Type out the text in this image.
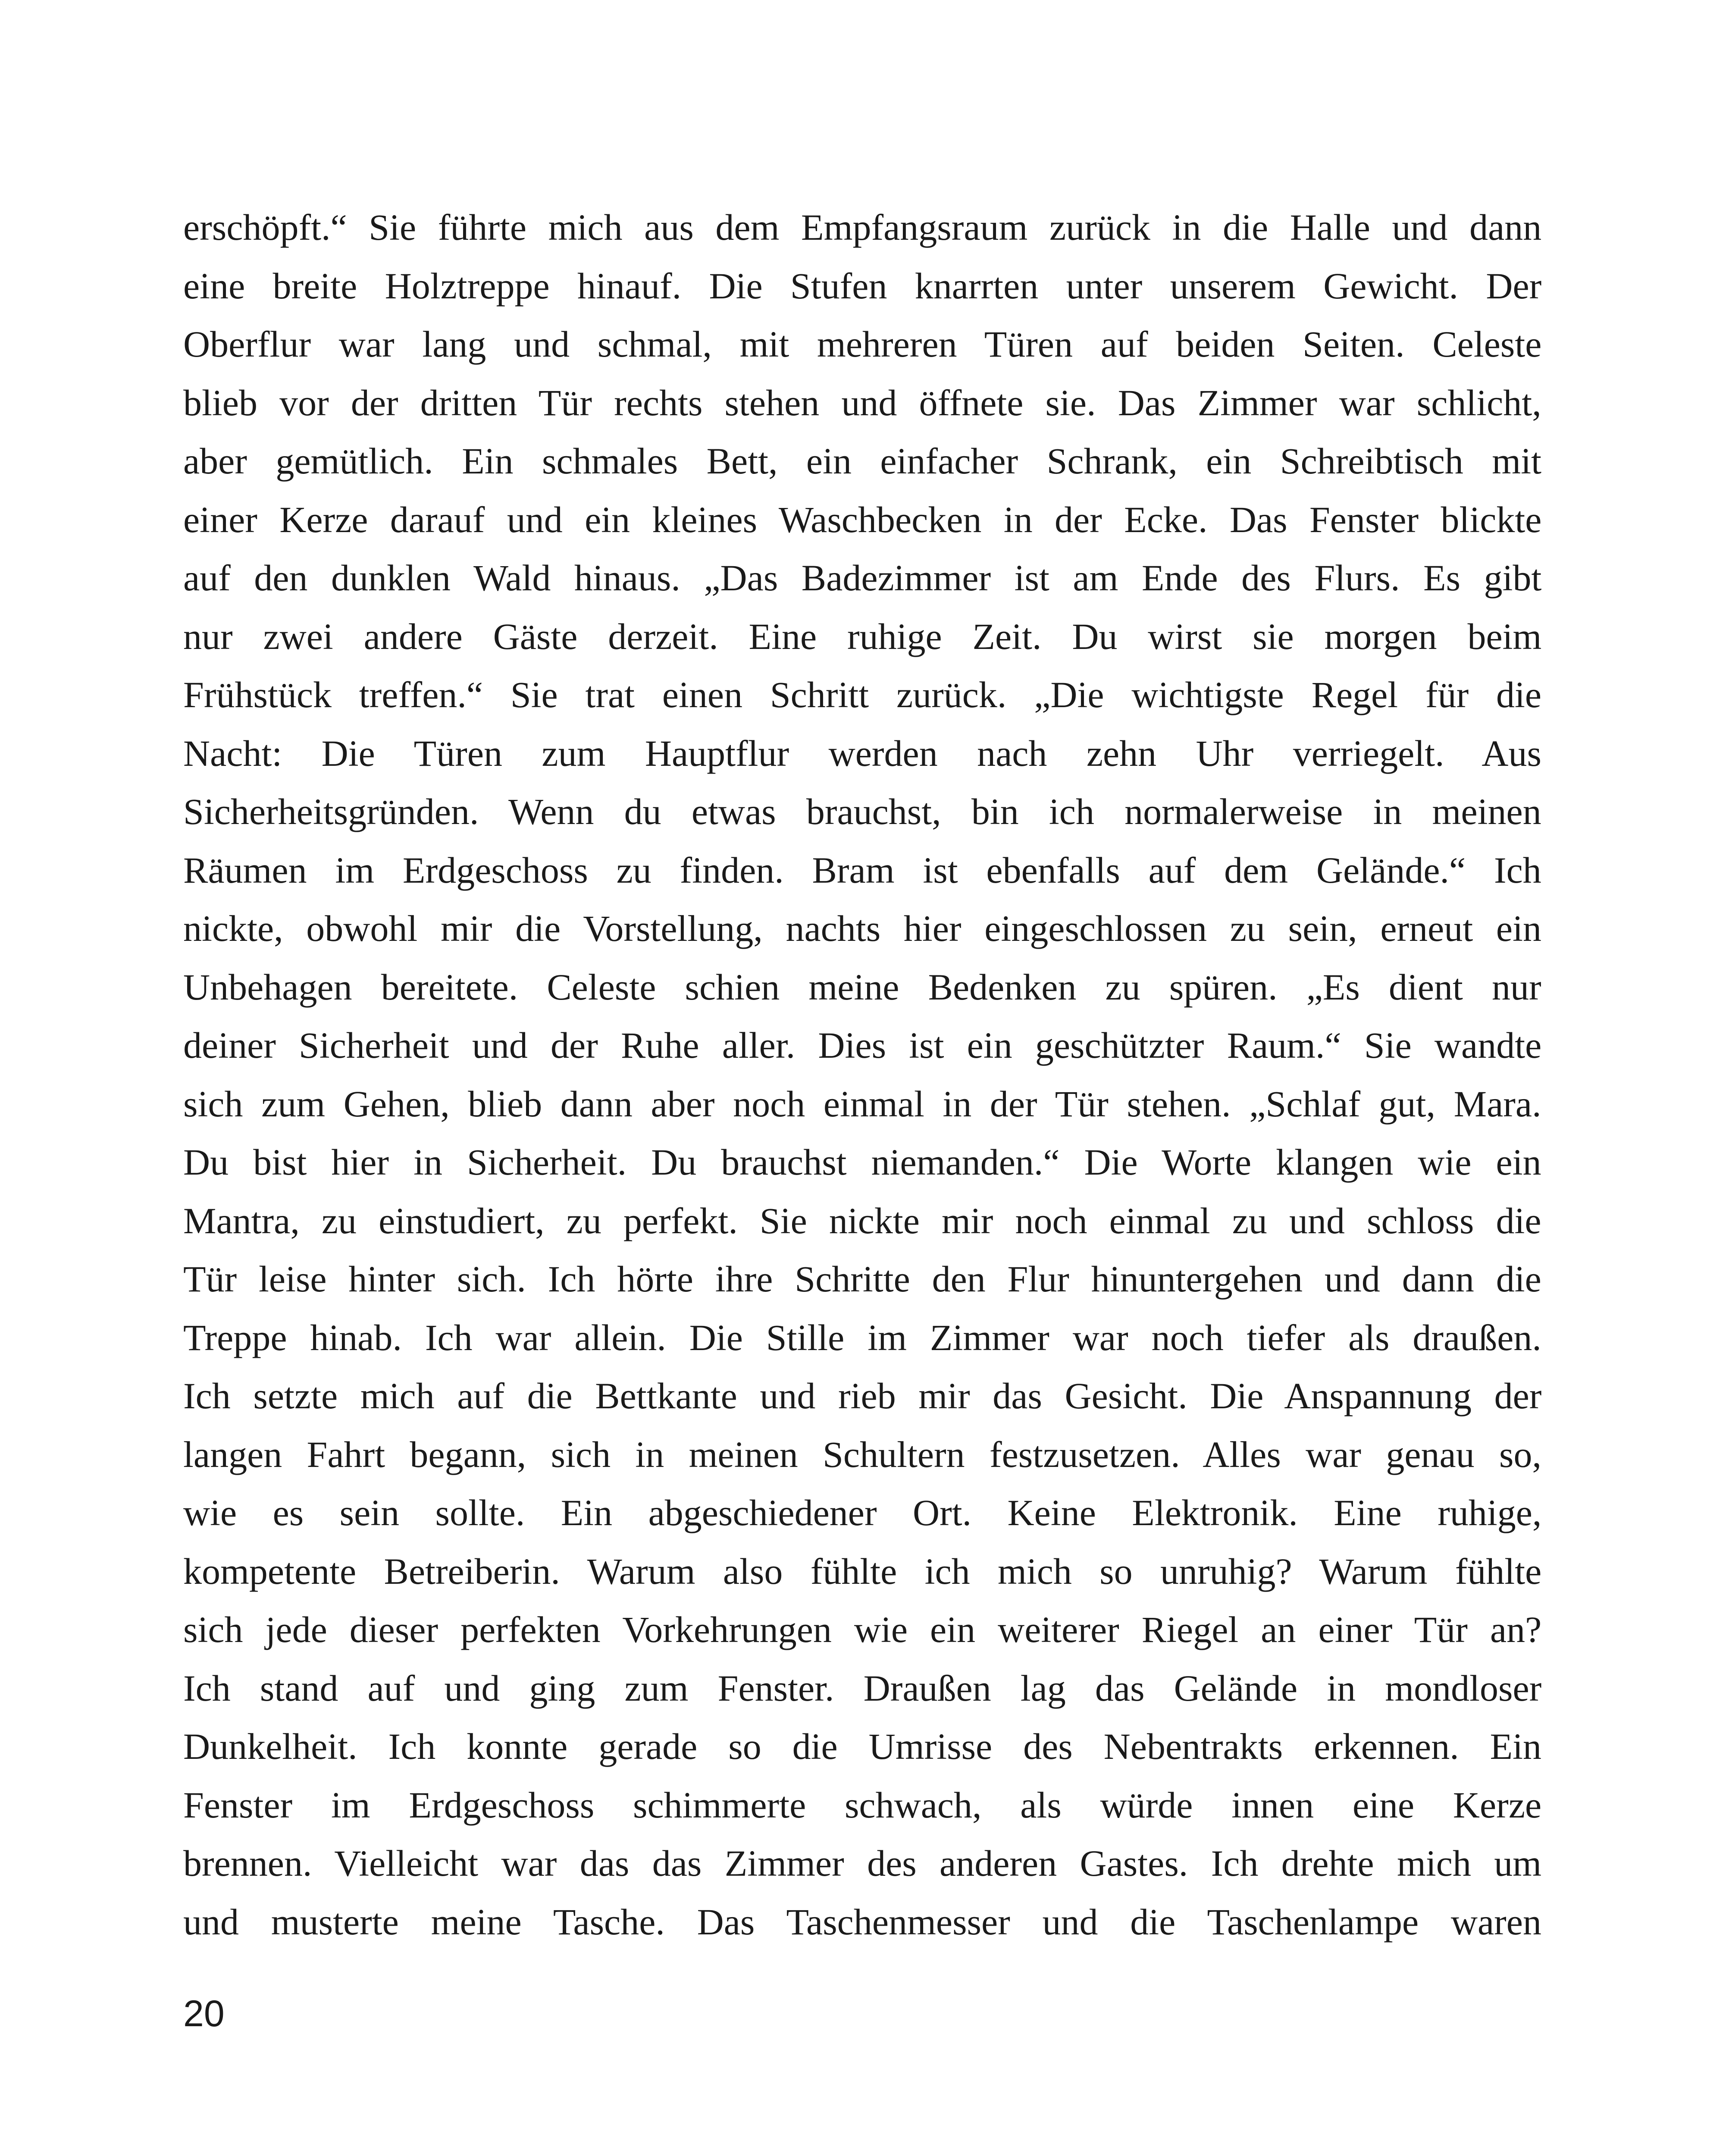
erschöpft.“ Sie führte mich aus dem Empfangsraum zurück in die Halle und dann
eine breite Holztreppe hinauf. Die Stufen knarrten unter unserem Gewicht. Der
Oberflur war lang und schmal, mit mehreren Türen auf beiden Seiten. Celeste
blieb vor der dritten Tür rechts stehen und öffnete sie. Das Zimmer war schlicht,
aber gemütlich. Ein schmales Bett, ein einfacher Schrank, ein Schreibtisch mit
einer Kerze darauf und ein kleines Waschbecken in der Ecke. Das Fenster blickte
auf den dunklen Wald hinaus. „Das Badezimmer ist am Ende des Flurs. Es gibt
nur zwei andere Gäste derzeit. Eine ruhige Zeit. Du wirst sie morgen beim
Frühstück treffen.“ Sie trat einen Schritt zurück. „Die wichtigste Regel für die
Nacht: Die Türen zum Hauptflur werden nach zehn Uhr verriegelt. Aus
Sicherheitsgründen. Wenn du etwas brauchst, bin ich normalerweise in meinen
Räumen im Erdgeschoss zu finden. Bram ist ebenfalls auf dem Gelände.“ Ich
nickte, obwohl mir die Vorstellung, nachts hier eingeschlossen zu sein, erneut ein
Unbehagen bereitete. Celeste schien meine Bedenken zu spüren. „Es dient nur
deiner Sicherheit und der Ruhe aller. Dies ist ein geschützter Raum.“ Sie wandte
sich zum Gehen, blieb dann aber noch einmal in der Tür stehen. „Schlaf gut, Mara.
Du bist hier in Sicherheit. Du brauchst niemanden.“ Die Worte klangen wie ein
Mantra, zu einstudiert, zu perfekt. Sie nickte mir noch einmal zu und schloss die
Tür leise hinter sich. Ich hörte ihre Schritte den Flur hinuntergehen und dann die
Treppe hinab. Ich war allein. Die Stille im Zimmer war noch tiefer als draußen.
Ich setzte mich auf die Bettkante und rieb mir das Gesicht. Die Anspannung der
langen Fahrt begann, sich in meinen Schultern festzusetzen. Alles war genau so,
wie es sein sollte. Ein abgeschiedener Ort. Keine Elektronik. Eine ruhige,
kompetente Betreiberin. Warum also fühlte ich mich so unruhig? Warum fühlte
sich jede dieser perfekten Vorkehrungen wie ein weiterer Riegel an einer Tür an?
Ich stand auf und ging zum Fenster. Draußen lag das Gelände in mondloser
Dunkelheit. Ich konnte gerade so die Umrisse des Nebentrakts erkennen. Ein
Fenster im Erdgeschoss schimmerte schwach, als würde innen eine Kerze
brennen. Vielleicht war das das Zimmer des anderen Gastes. Ich drehte mich um
und musterte meine Tasche. Das Taschenmesser und die Taschenlampe waren
20
